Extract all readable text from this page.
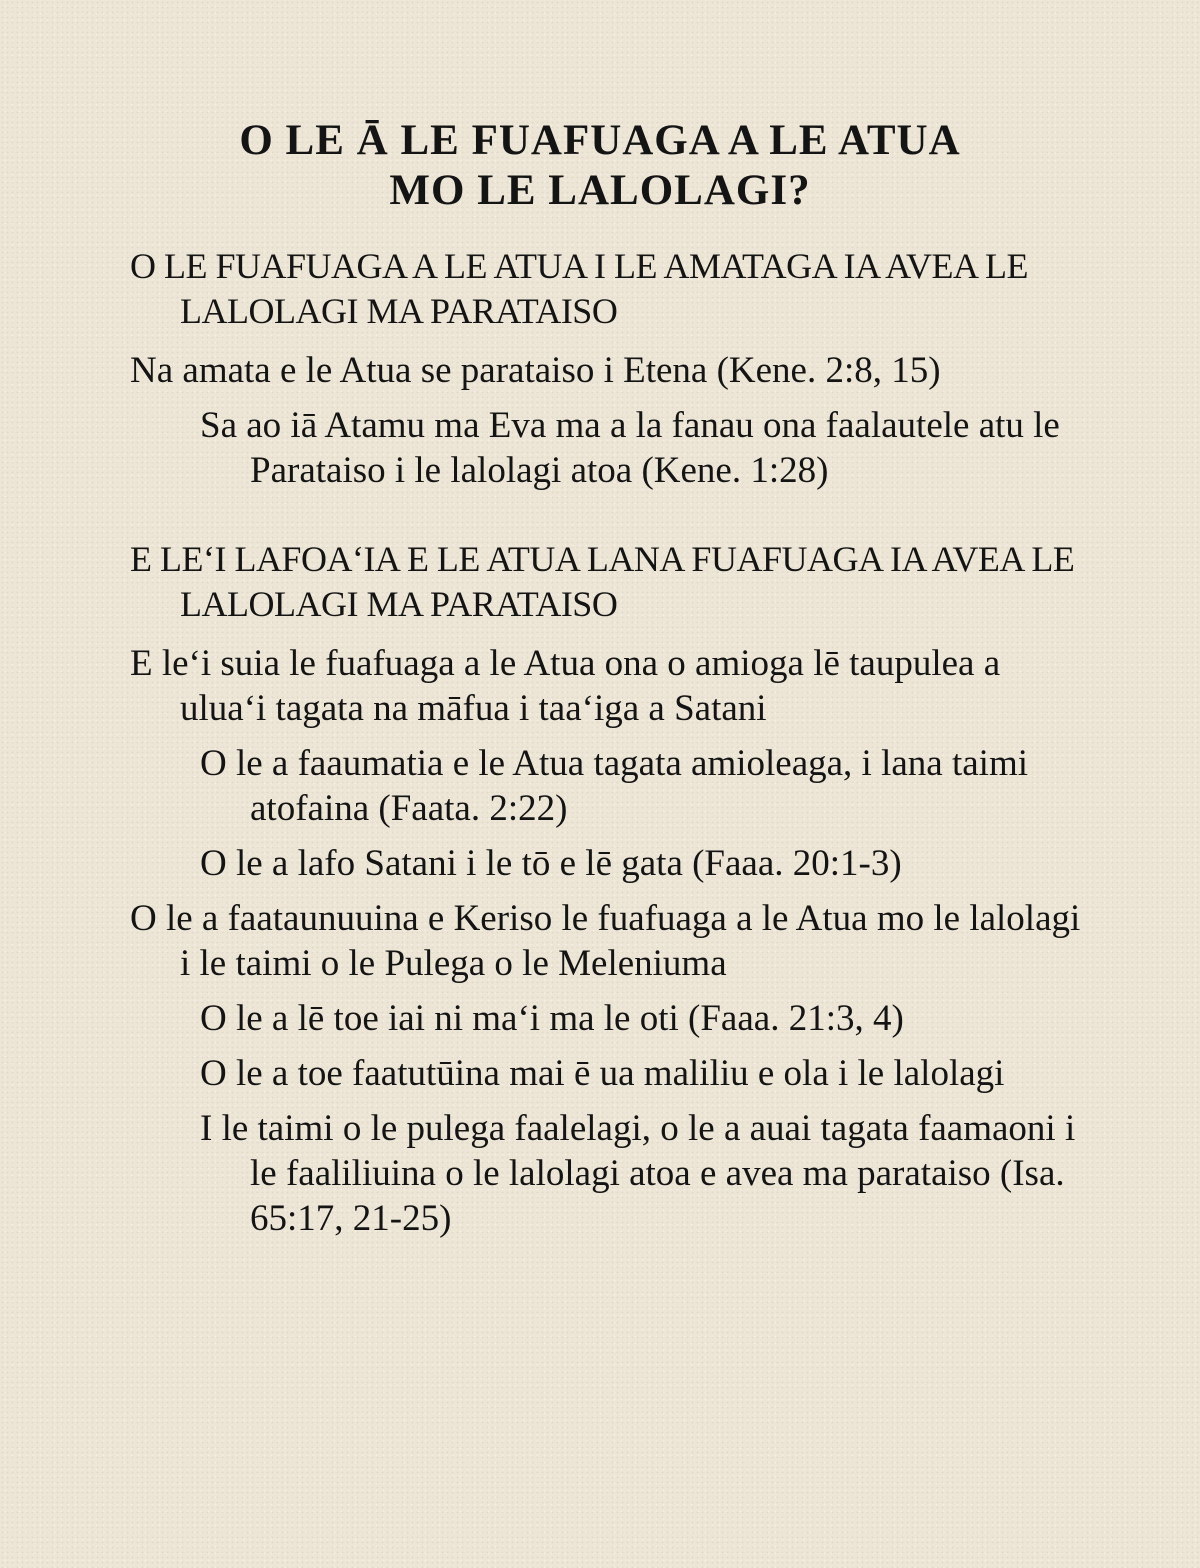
O LE Ā LE FUAFUAGA A LE ATUA
MO LE LALOLAGI?

O LE FUAFUAGA A LE ATUA I LE AMATAGA IA AVEA LE LALOLAGI MA PARATAISO

Na amata e le Atua se parataiso i Etena (Kene. 2:8, 15)

Sa ao iā Atamu ma Eva ma a la fanau ona faalautele atu le Parataiso i le lalolagi atoa (Kene. 1:28)

E LEʻI LAFOAʻIA E LE ATUA LANA FUAFUAGA IA AVEA LE LALOLAGI MA PARATAISO

E leʻi suia le fuafuaga a le Atua ona o amioga lē taupulea a uluaʻi tagata na māfua i taaʻiga a Satani

O le a faaumatia e le Atua tagata amioleaga, i lana taimi atofaina (Faata. 2:22)

O le a lafo Satani i le tō e lē gata (Faaa. 20:1-3)

O le a faataunuuina e Keriso le fuafuaga a le Atua mo le lalolagi i le taimi o le Pulega o le Meleniuma

O le a lē toe iai ni maʻi ma le oti (Faaa. 21:3, 4)

O le a toe faatutūina mai ē ua maliliu e ola i le lalolagi

I le taimi o le pulega faalelagi, o le a auai tagata faamaoni i le faaliliuina o le lalolagi atoa e avea ma parataiso (Isa. 65:17, 21-25)
